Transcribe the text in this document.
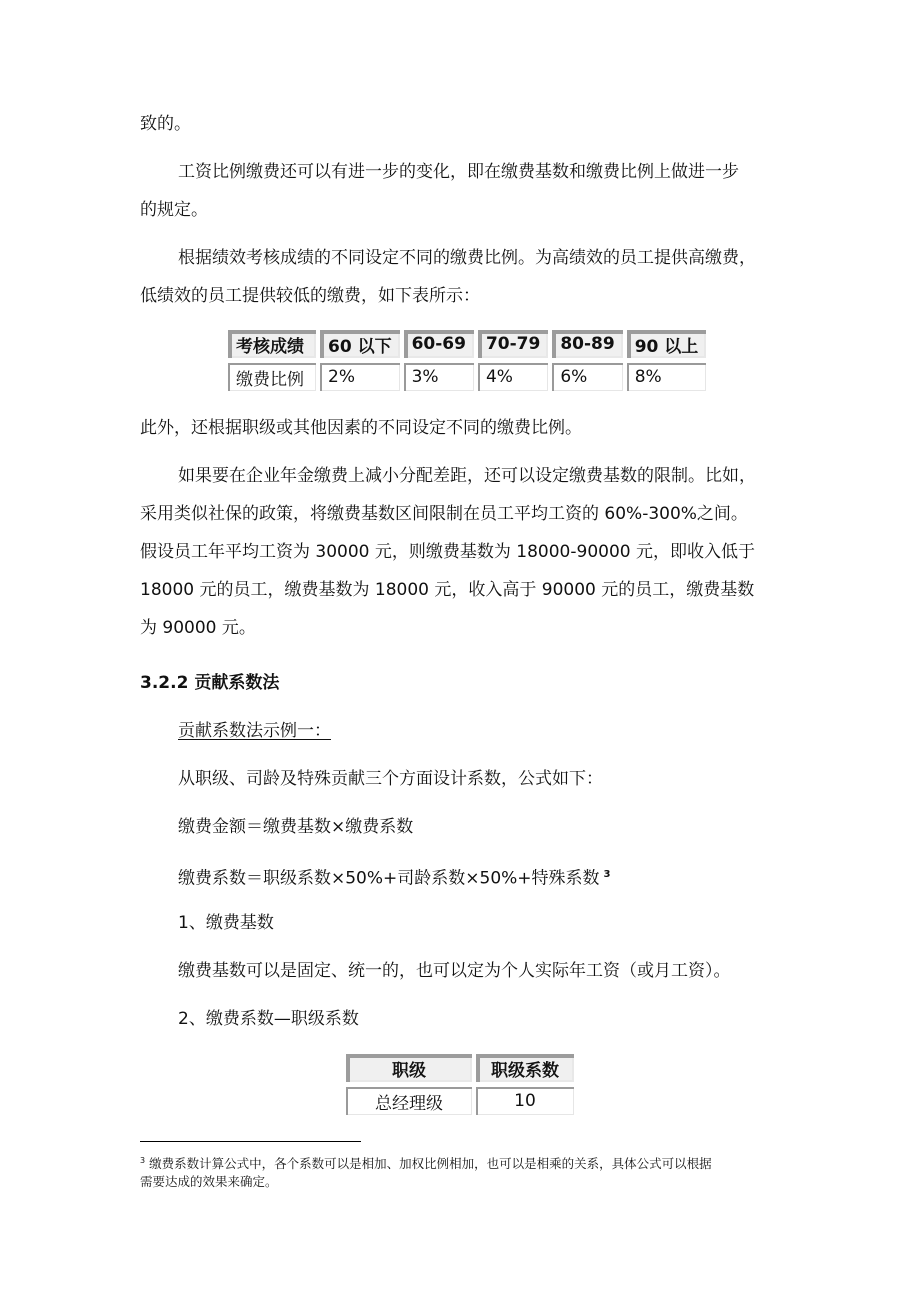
致的。

工资比例缴费还可以有进一步的变化，即在缴费基数和缴费比例上做进一步

的规定。

根据绩效考核成绩的不同设定不同的缴费比例。为高绩效的员工提供高缴费，

低绩效的员工提供较低的缴费，如下表所示：

考核成绩	60 以下	60-69	70-79	80-89	90 以上
缴费比例	2%	3%	4%	6%	8%

此外，还根据职级或其他因素的不同设定不同的缴费比例。

如果要在企业年金缴费上减小分配差距，还可以设定缴费基数的限制。比如，

采用类似社保的政策，将缴费基数区间限制在员工平均工资的 60%-300%之间。

假设员工年平均工资为 30000 元，则缴费基数为 18000-90000 元，即收入低于

18000 元的员工，缴费基数为 18000 元，收入高于 90000 元的员工，缴费基数

为 90000 元。

3.2.2 贡献系数法

贡献系数法示例一：

从职级、司龄及特殊贡献三个方面设计系数，公式如下：

缴费金额＝缴费基数×缴费系数

缴费系数＝职级系数×50%+司龄系数×50%+特殊系数 $^3$

1、缴费基数

缴费基数可以是固定、统一的，也可以定为个人实际年工资（或月工资）。

2、缴费系数—职级系数

职级	职级系数
总经理级	10

$^3$ 缴费系数计算公式中，各个系数可以是相加、加权比例相加，也可以是相乘的关系，具体公式可以根据
需要达成的效果来确定。
